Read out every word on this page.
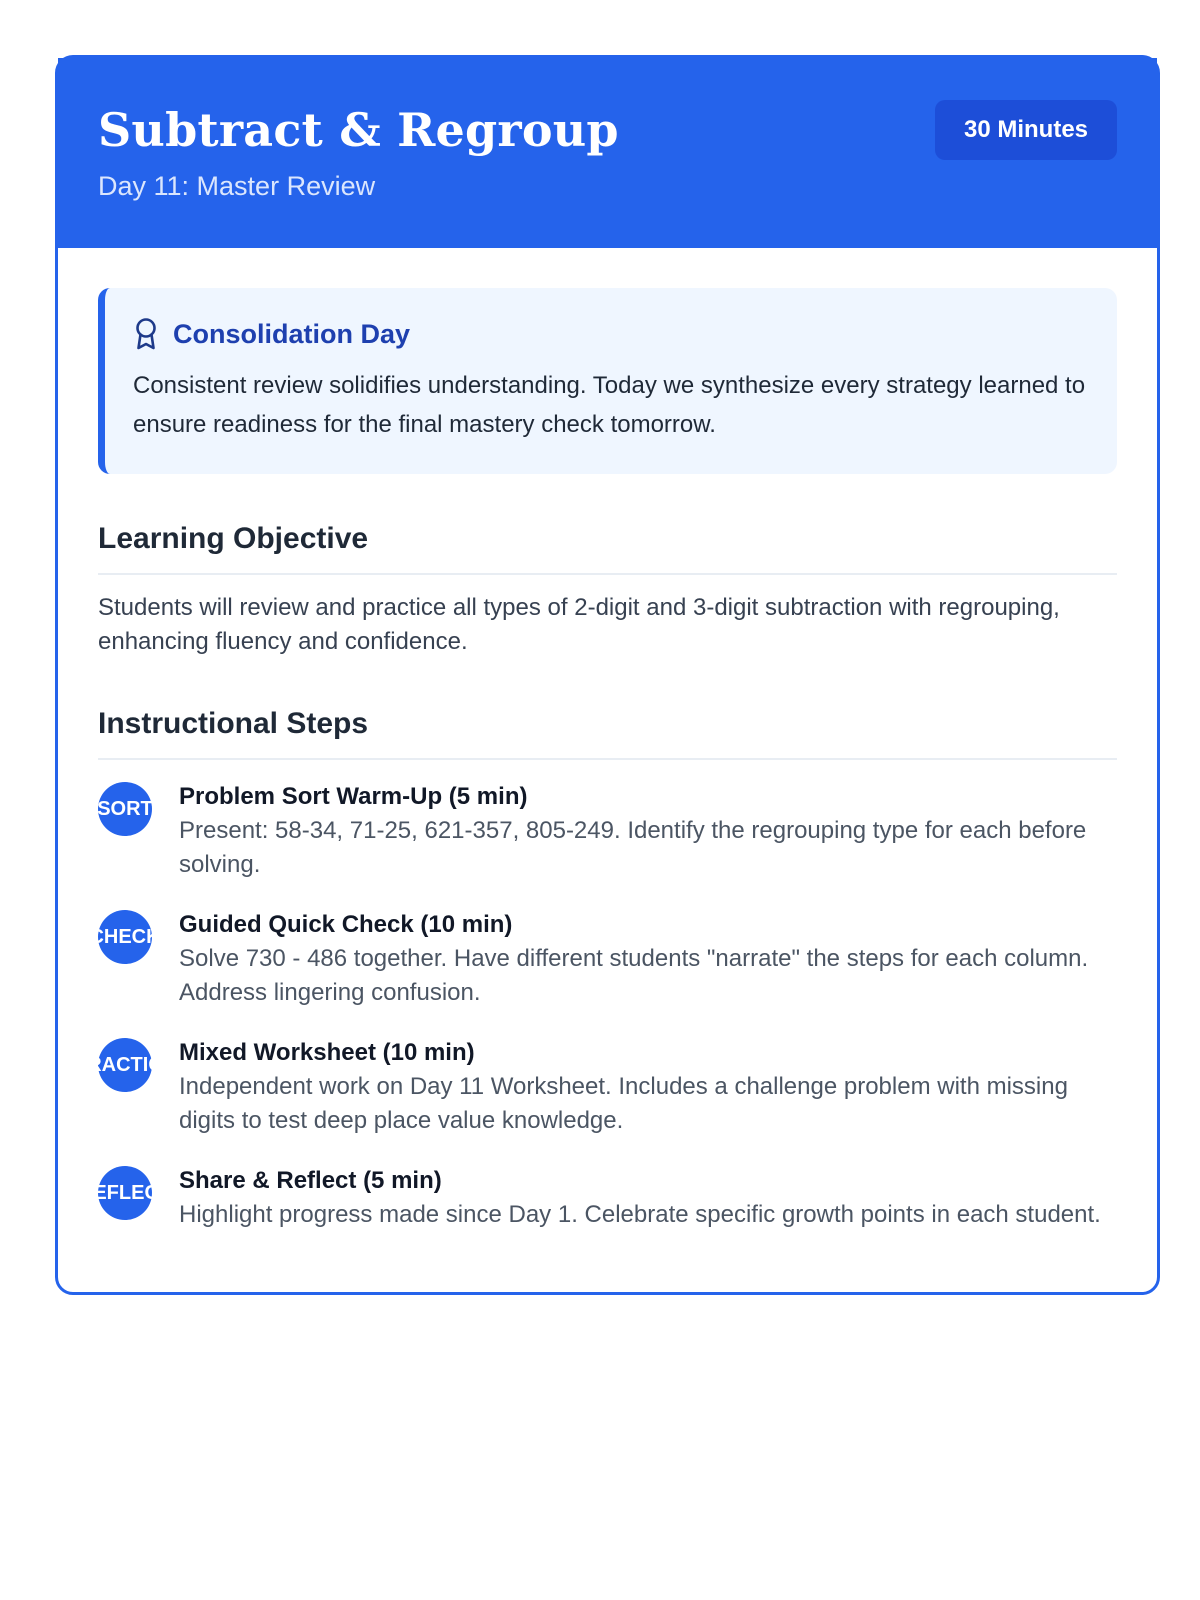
Subtract & Regroup
Day 11: Master Review
30 Minutes
Consolidation Day
Consistent review solidifies understanding. Today we synthesize every strategy learned to ensure readiness for the final mastery check tomorrow.
Learning Objective
Students will review and practice all types of 2-digit and 3-digit subtraction with regrouping, enhancing fluency and confidence.
Instructional Steps
SORT Problem Sort Warm-Up (5 min)
Present: 58-34, 71-25, 621-357, 805-249. Identify the regrouping type for each before solving.
CHECK Guided Quick Check (10 min)
Solve 730 - 486 together. Have different students "narrate" the steps for each column. Address lingering confusion.
PRACTICE Mixed Worksheet (10 min)
Independent work on Day 11 Worksheet. Includes a challenge problem with missing digits to test deep place value knowledge.
REFLECT Share & Reflect (5 min)
Highlight progress made since Day 1. Celebrate specific growth points in each student.
